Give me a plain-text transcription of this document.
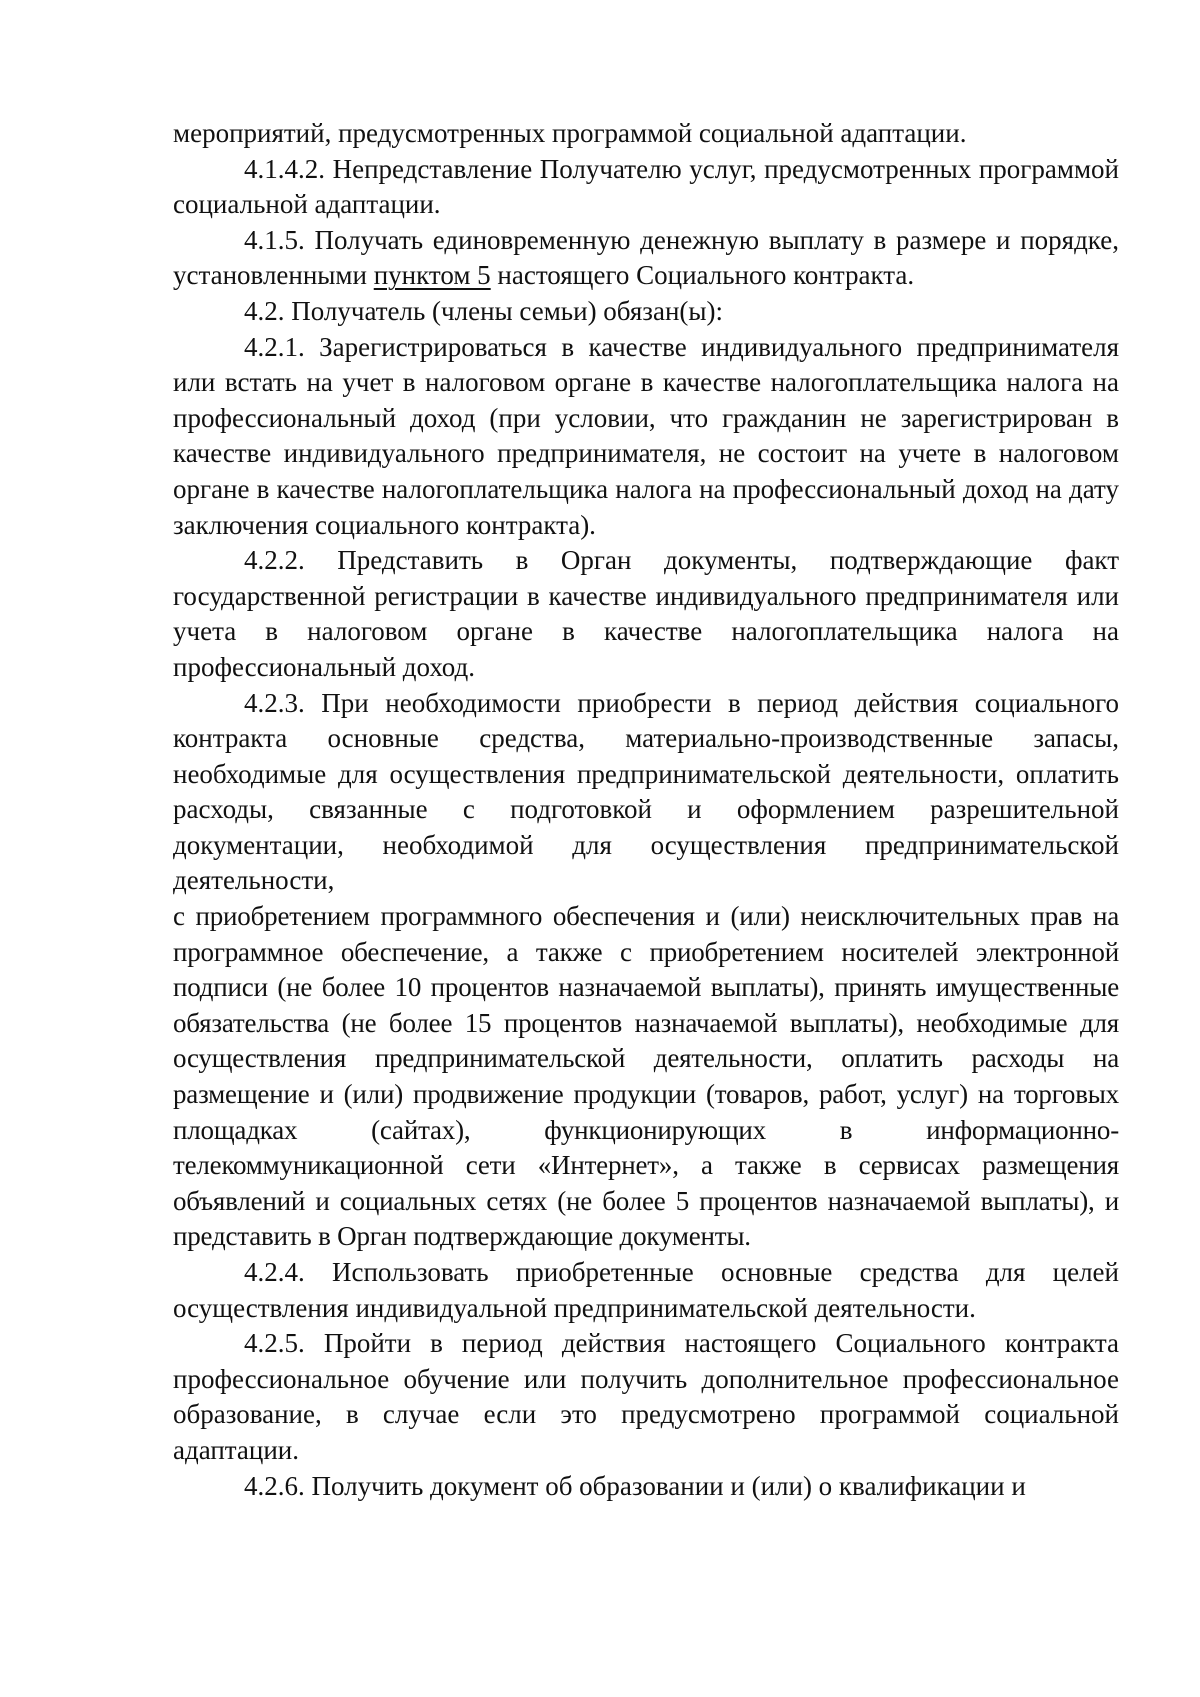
мероприятий, предусмотренных программой социальной адаптации.

4.1.4.2. Непредставление Получателю услуг, предусмотренных программой социальной адаптации.

4.1.5. Получать единовременную денежную выплату в размере и порядке, установленными пунктом 5 настоящего Социального контракта.

4.2. Получатель (члены семьи) обязан(ы):

4.2.1. Зарегистрироваться в качестве индивидуального предпринимателя или встать на учет в налоговом органе в качестве налогоплательщика налога на профессиональный доход (при условии, что гражданин не зарегистрирован в качестве индивидуального предпринимателя, не состоит на учете в налоговом органе в качестве налогоплательщика налога на профессиональный доход на дату заключения социального контракта).

4.2.2. Представить в Орган документы, подтверждающие факт государственной регистрации в качестве индивидуального предпринимателя или учета в налоговом органе в качестве налогоплательщика налога на профессиональный доход.

4.2.3. При необходимости приобрести в период действия социального контракта основные средства, материально-производственные запасы, необходимые для осуществления предпринимательской деятельности, оплатить расходы, связанные с подготовкой и оформлением разрешительной документации, необходимой для осуществления предпринимательской деятельности,

с приобретением программного обеспечения и (или) неисключительных прав на программное обеспечение, а также с приобретением носителей электронной подписи (не более 10 процентов назначаемой выплаты), принять имущественные обязательства (не более 15 процентов назначаемой выплаты), необходимые для осуществления предпринимательской деятельности, оплатить расходы на размещение и (или) продвижение продукции (товаров, работ, услуг) на торговых площадках (сайтах), функционирующих в информационно-телекоммуникационной сети «Интернет», а также в сервисах размещения объявлений и социальных сетях (не более 5 процентов назначаемой выплаты), и представить в Орган подтверждающие документы.

4.2.4. Использовать приобретенные основные средства для целей осуществления индивидуальной предпринимательской деятельности.

4.2.5. Пройти в период действия настоящего Социального контракта профессиональное обучение или получить дополнительное профессиональное образование, в случае если это предусмотрено программой социальной адаптации.

4.2.6. Получить документ об образовании и (или) о квалификации и
